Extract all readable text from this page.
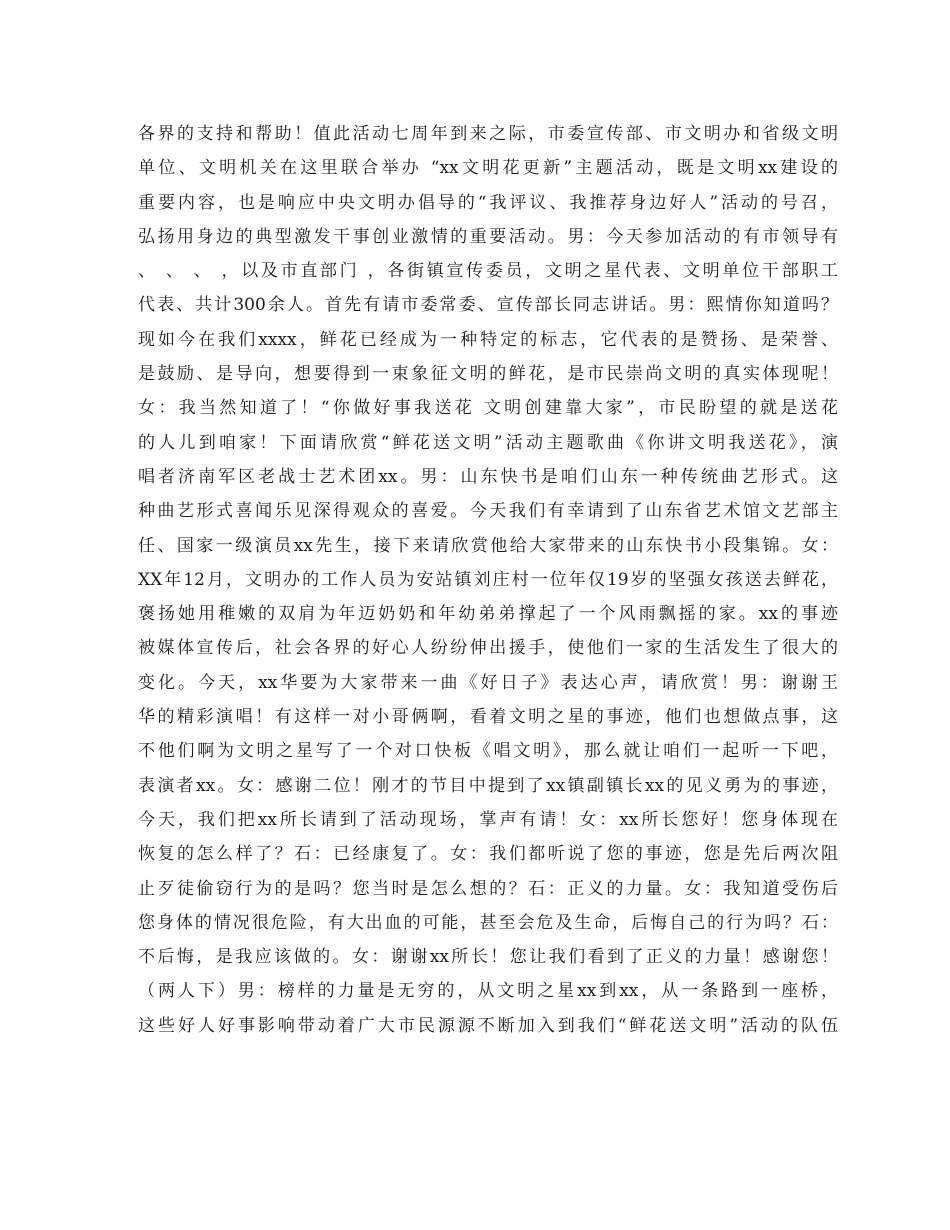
各界的支持和帮助！值此活动七周年到来之际，市委宣传部、市文明办和省级文明
单位、文明机关在这里联合举办 “xx文明花更新”主题活动，既是文明xx建设的
重要内容，也是响应中央文明办倡导的“我评议、我推荐身边好人”活动的号召，
弘扬用身边的典型激发干事创业激情的重要活动。男：今天参加活动的有市领导有
、 、 、 ，以及市直部门 ，各街镇宣传委员，文明之星代表、文明单位干部职工
代表、共计300余人。首先有请市委常委、宣传部长同志讲话。男：熙情你知道吗？
现如今在我们xxxx，鲜花已经成为一种特定的标志，它代表的是赞扬、是荣誉、
是鼓励、是导向，想要得到一束象征文明的鲜花，是市民崇尚文明的真实体现呢！
女：我当然知道了！“你做好事我送花 文明创建靠大家”，市民盼望的就是送花
的人儿到咱家！下面请欣赏“鲜花送文明”活动主题歌曲《你讲文明我送花》，演
唱者济南军区老战士艺术团xx。男：山东快书是咱们山东一种传统曲艺形式。这
种曲艺形式喜闻乐见深得观众的喜爱。今天我们有幸请到了山东省艺术馆文艺部主
任、国家一级演员xx先生，接下来请欣赏他给大家带来的山东快书小段集锦。女：
XX年12月，文明办的工作人员为安站镇刘庄村一位年仅19岁的坚强女孩送去鲜花，
褒扬她用稚嫩的双肩为年迈奶奶和年幼弟弟撑起了一个风雨飘摇的家。xx的事迹
被媒体宣传后，社会各界的好心人纷纷伸出援手，使他们一家的生活发生了很大的
变化。今天，xx华要为大家带来一曲《好日子》表达心声，请欣赏！男：谢谢王
华的精彩演唱！有这样一对小哥俩啊，看着文明之星的事迹，他们也想做点事，这
不他们啊为文明之星写了一个对口快板《唱文明》，那么就让咱们一起听一下吧，
表演者xx。女：感谢二位！刚才的节目中提到了xx镇副镇长xx的见义勇为的事迹，
今天，我们把xx所长请到了活动现场，掌声有请！女：xx所长您好！您身体现在
恢复的怎么样了？石：已经康复了。女：我们都听说了您的事迹，您是先后两次阻
止歹徒偷窃行为的是吗？您当时是怎么想的？石：正义的力量。女：我知道受伤后
您身体的情况很危险，有大出血的可能，甚至会危及生命，后悔自己的行为吗？石：
不后悔，是我应该做的。女：谢谢xx所长！您让我们看到了正义的力量！感谢您！
（两人下）男：榜样的力量是无穷的，从文明之星xx到xx，从一条路到一座桥，
这些好人好事影响带动着广大市民源源不断加入到我们“鲜花送文明”活动的队伍
